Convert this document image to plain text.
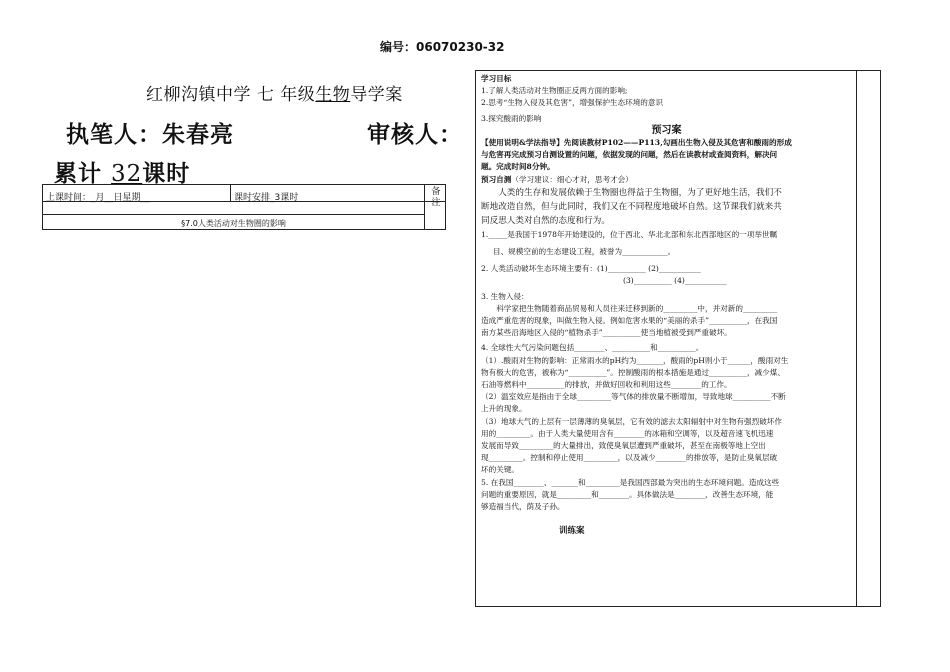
编号：06070230-32
红柳沟镇中学 七 年级生物导学案
执笔人：朱春亮	审核人：
累计 32课时
上课时间：_月__日星期__	课时安排_3课时
备注
§7.0人类活动对生物圈的影响
学习目标
1.了解人类活动对生物圈正反两方面的影响;
2.思考“生物入侵及其危害”，增强保护生态环境的意识
3.探究酸雨的影响
预习案
【使用说明&学法指导】先阅读教材P102——P113,勾画出生物入侵及其危害和酸雨的形成
与危害再完成预习自测设置的问题，依据发现的问题，然后在读教材或查阅资料，解决问
题。完成时间8分钟。
预习自测（学习建议：细心才对，思考才会）
人类的生存和发展依赖于生物圈也得益于生物圈，为了更好地生活，我们不
断地改造自然，但与此同时，我们又在不同程度地破坏自然。这节课我们就来共
同反思人类对自然的态度和行为。
1._____是我国于1978年开始建设的，位于西北、华北北部和东北西部地区的一项举世瞩
目、规模空前的生态建设工程，被誉为____________。
2. 人类活动破坏生态环境主要有：(1)__________ (2)___________
(3)__________ (4)___________
3. 生物入侵：
科学家把生物随着商品贸易和人员往来迁移到新的_________中，并对新的_________
造成严重危害的现象，叫做生物入侵。例如危害水果的“美丽的杀手”__________，在我国
南方某些沿海地区入侵的“植物杀手”__________使当地植被受到严重破坏。
4. 全球性大气污染问题包括________、__________和__________。
（1）.酸雨对生物的影响：正常雨水的pH约为_______，酸雨的pH则小于______，酸雨对生
物有极大的危害，被称为“__________”。控制酸雨的根本措施是通过__________，减少煤、
石油等燃料中__________的排放，并做好回收和利用这些________的工作。
（2）温室效应是指由于全球_________等气体的排放量不断增加，导致地球__________不断
上升的现象。
（3）地球大气的上层有一层薄薄的臭氧层，它有效的滤去太阳辐射中对生物有强烈破坏作
用的_________。由于人类大量使用含有________的冰箱和空调等，以及超音速飞机迅速
发展而导致_________的大量排出，致使臭氧层遭到严重破坏，甚至在南极等地上空出
现_________。控制和停止使用_________，以及减少________的排放等，是防止臭氧层破
坏的关键。
5. 在我国________、_______和_________是我国西部最为突出的生态环境问题。造成这些
问题的重要原因，就是_________和________。具体做法是________，改善生态环境，能
够造福当代，荫及子孙。
训练案
